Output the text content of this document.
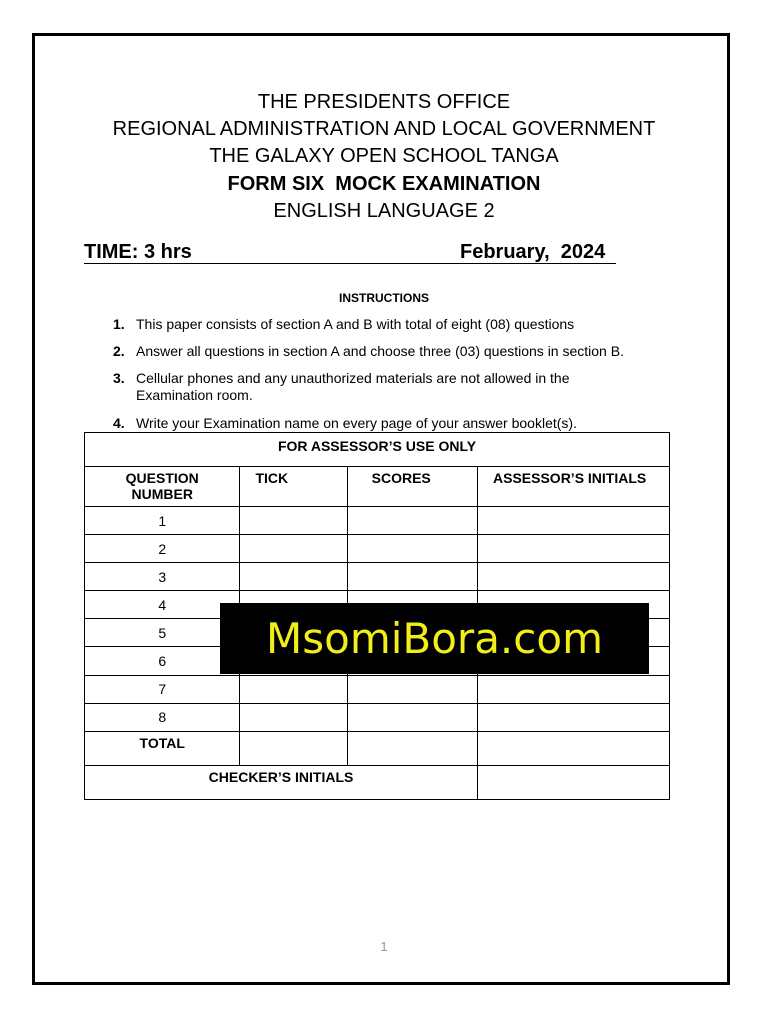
THE PRESIDENTS OFFICE
REGIONAL ADMINISTRATION AND LOCAL GOVERNMENT
THE GALAXY OPEN SCHOOL TANGA
FORM SIX  MOCK EXAMINATION
ENGLISH LANGUAGE 2
TIME: 3 hrs	February,  2024
INSTRUCTIONS
1. This paper consists of section A and B with total of eight (08) questions
2. Answer all questions in section A and choose three (03) questions in section B.
3. Cellular phones and any unauthorized materials are not allowed in the Examination room.
4. Write your Examination name on every page of your answer booklet(s).
FOR ASSESSOR’S USE ONLY			
QUESTION NUMBER	TICK	SCORES	ASSESSOR’S INITIALS
1			
2			
3			
4			
5			
6			
7			
8			
TOTAL			
CHECKER’S INITIALS			
MsomiBora.com
1
